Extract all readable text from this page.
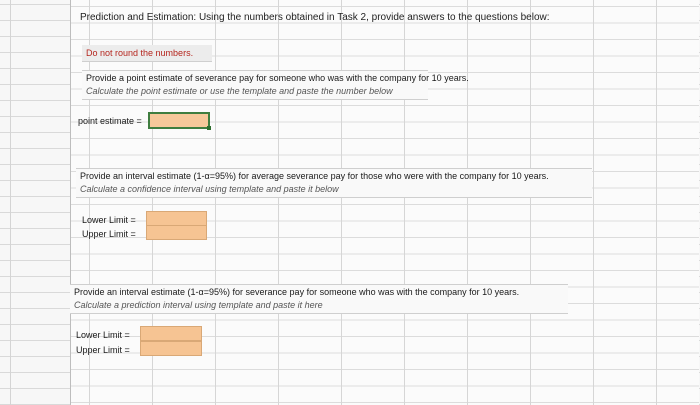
Prediction and Estimation: Using the numbers obtained in Task 2, provide answers to the questions below:
Do not round the numbers.
Provide a point estimate of severance pay for someone who was with the company for 10 years.
Calculate the point estimate or use the template and paste the number below
point estimate =
Provide an interval estimate (1-α=95%) for average severance pay for those who were with the company for 10 years.
Calculate a confidence interval using template and paste it below
Lower Limit =
Upper Limit =
Provide an interval estimate (1-α=95%) for severance pay for someone who was with the company for 10 years.
Calculate a prediction interval using template and paste it here
Lower Limit =
Upper Limit =
